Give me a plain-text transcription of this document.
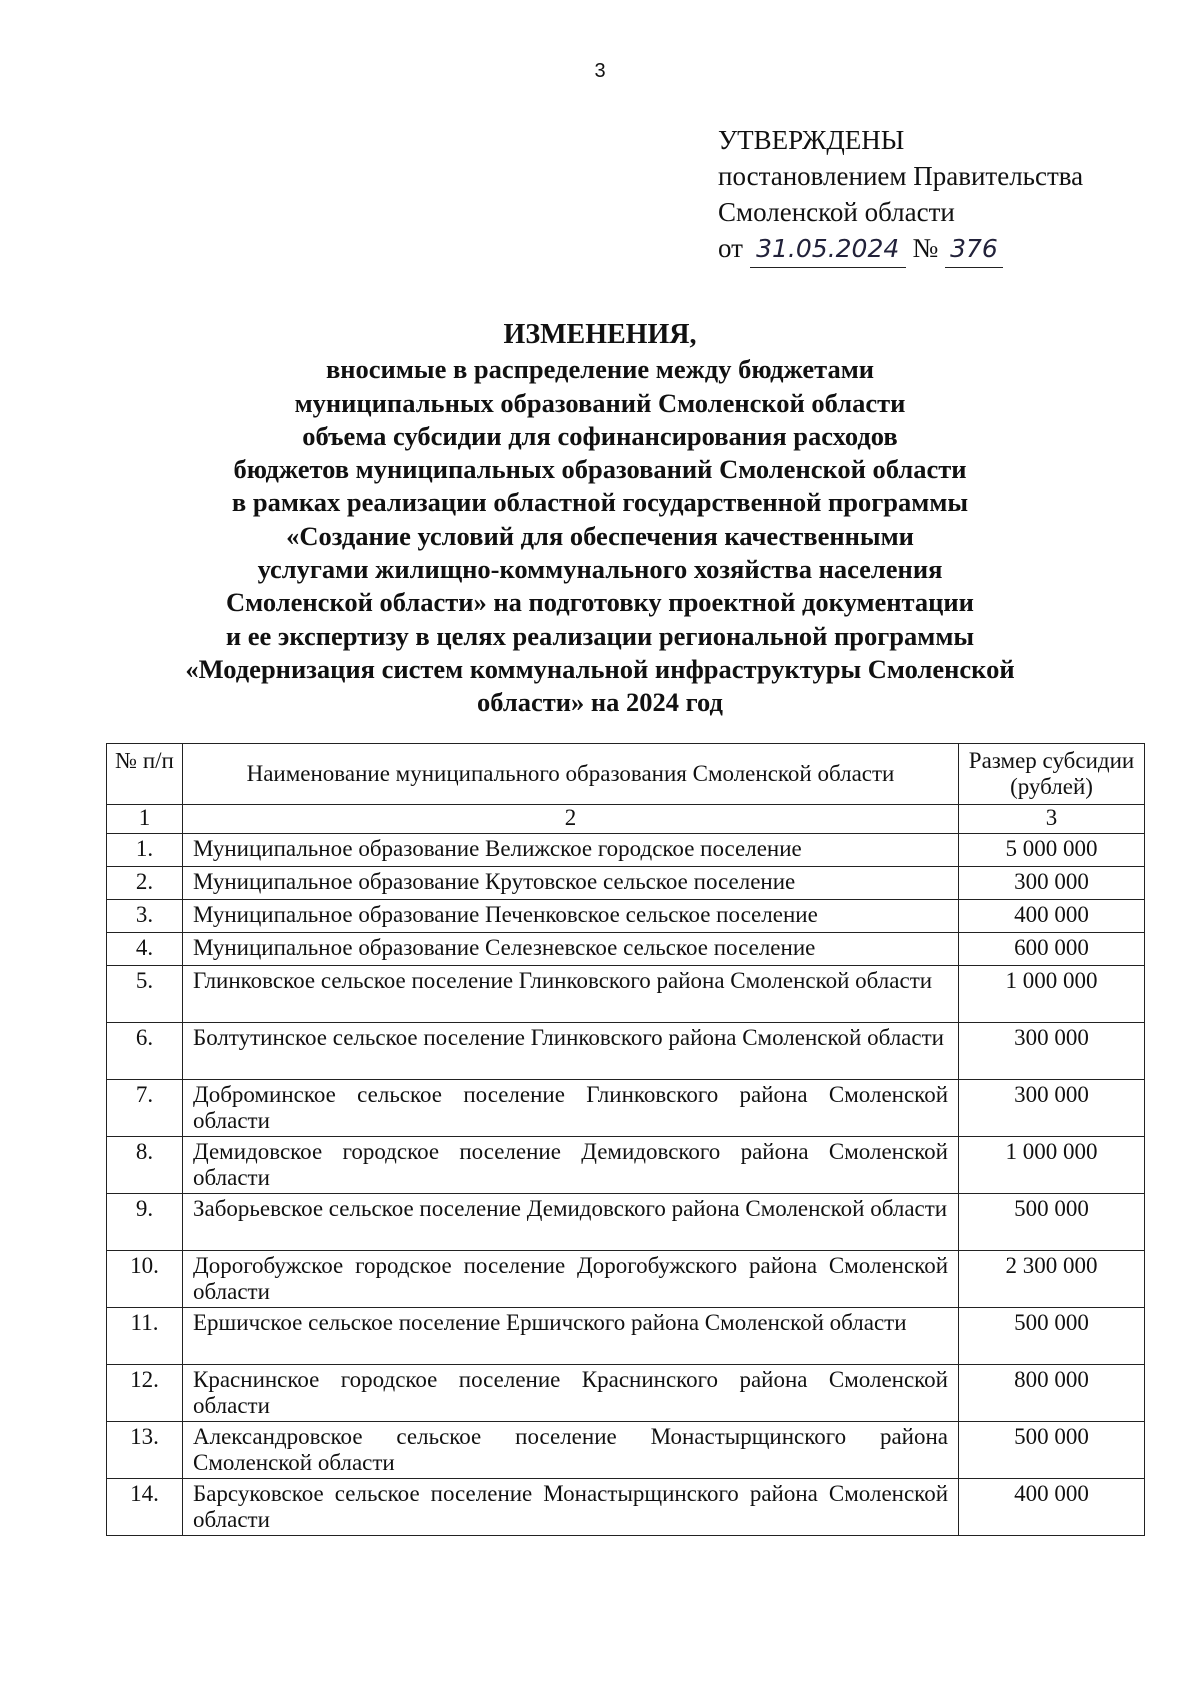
3
УТВЕРЖДЕНЫ
постановлением Правительства
Смоленской области
от 31.05.2024 № 376
ИЗМЕНЕНИЯ,
вносимые в распределение между бюджетами
муниципальных образований Смоленской области
объема субсидии для софинансирования расходов
бюджетов муниципальных образований Смоленской области
в рамках реализации областной государственной программы
«Создание условий для обеспечения качественными
услугами жилищно-коммунального хозяйства населения
Смоленской области» на подготовку проектной документации
и ее экспертизу в целях реализации региональной программы
«Модернизация систем коммунальной инфраструктуры Смоленской
области» на 2024 год
№ п/п	Наименование муниципального образования Смоленской области	Размер субсидии (рублей)
1	2	3
1.	Муниципальное образование Велижское городское поселение	5 000 000
2.	Муниципальное образование Крутовское сельское поселение	300 000
3.	Муниципальное образование Печенковское сельское поселение	400 000
4.	Муниципальное образование Селезневское сельское поселение	600 000
5.	Глинковское сельское поселение Глинковского района Смоленской области	1 000 000
6.	Болтутинское сельское поселение Глинковского района Смоленской области	300 000
7.	Доброминское сельское поселение Глинковского района Смоленской области	300 000
8.	Демидовское городское поселение Демидовского района Смоленской области	1 000 000
9.	Заборьевское сельское поселение Демидовского района Смоленской области	500 000
10.	Дорогобужское городское поселение Дорогобужского района Смоленской области	2 300 000
11.	Ершичское сельское поселение Ершичского района Смоленской области	500 000
12.	Краснинское городское поселение Краснинского района Смоленской области	800 000
13.	Александровское сельское поселение Монастырщинского района Смоленской области	500 000
14.	Барсуковское сельское поселение Монастырщинского района Смоленской области	400 000
